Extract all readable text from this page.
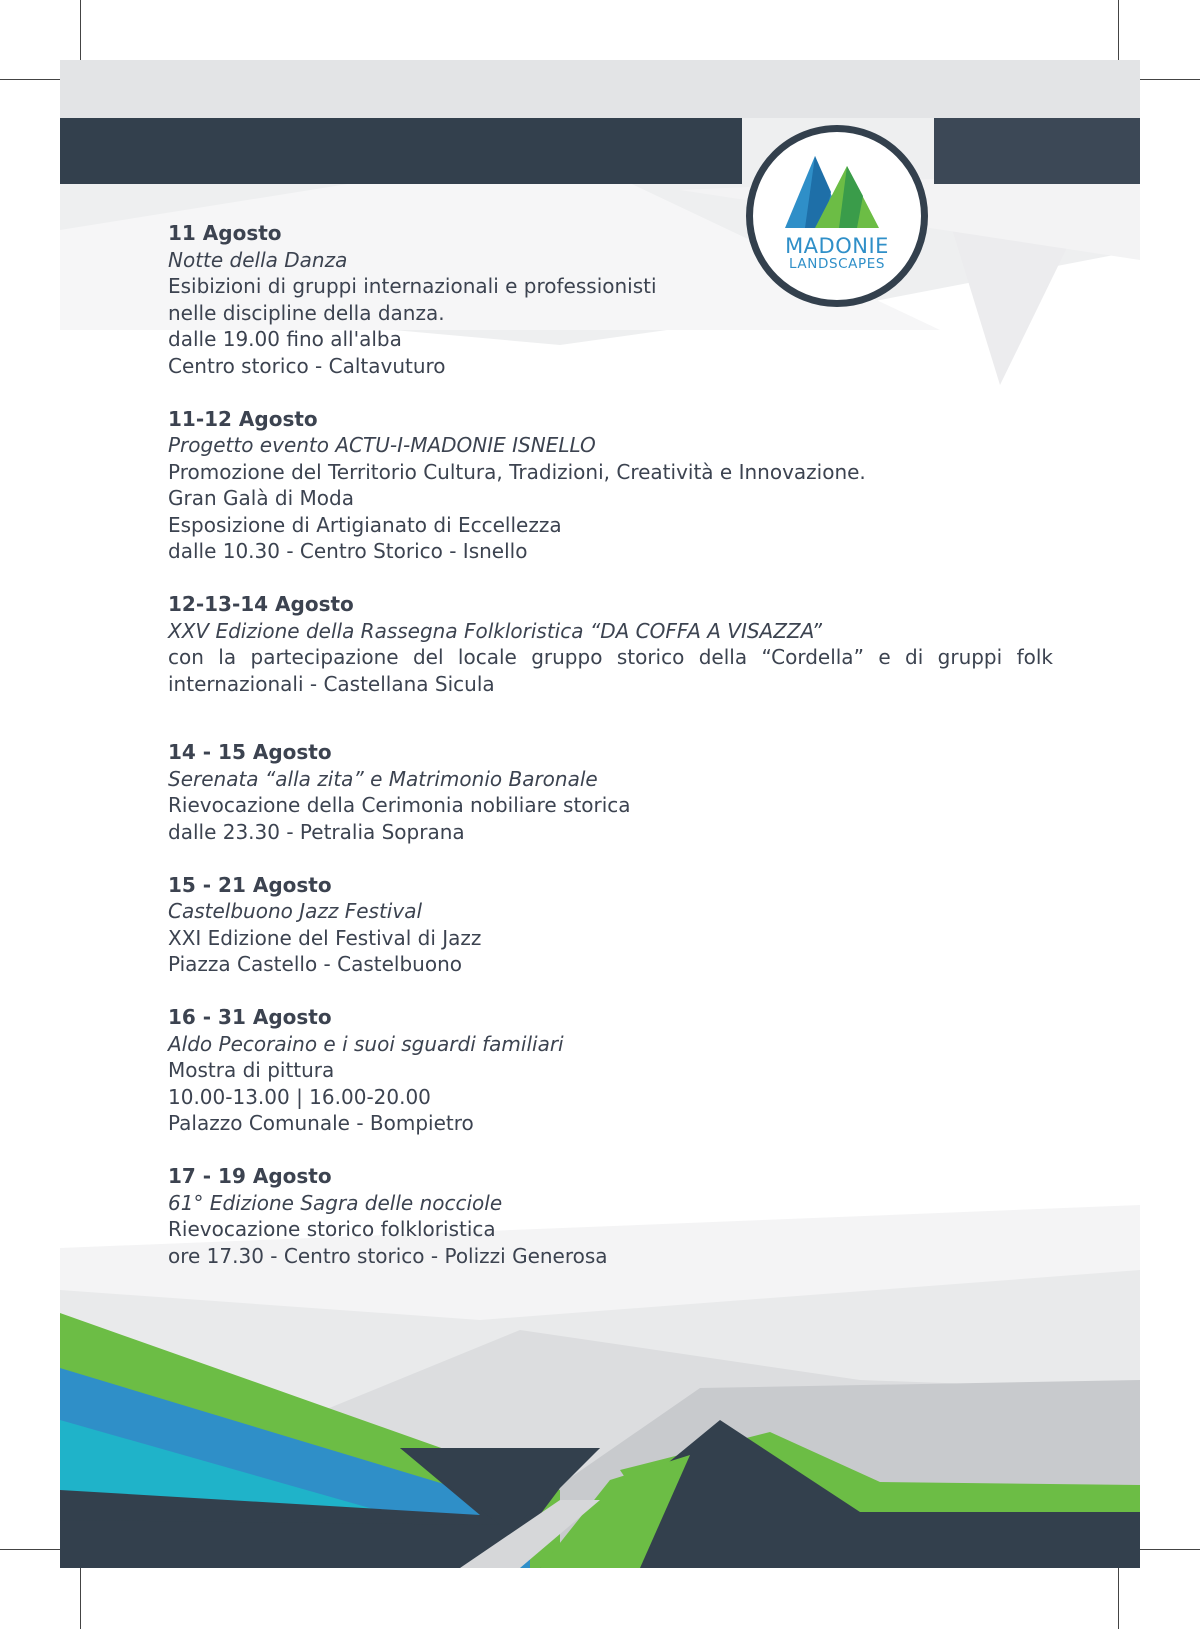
MADONIE
LANDSCAPES
11 Agosto
Notte della Danza
Esibizioni di gruppi internazionali e professionisti
nelle discipline della danza.
dalle 19.00 fino all'alba
Centro storico - Caltavuturo
11-12 Agosto
Progetto evento ACTU-I-MADONIE ISNELLO
Promozione del Territorio Cultura, Tradizioni, Creatività e Innovazione.
Gran Galà di Moda
Esposizione di Artigianato di Eccellezza
dalle 10.30 - Centro Storico - Isnello
12-13-14 Agosto
XXV Edizione della Rassegna Folkloristica “DA COFFA A VISAZZA”
con la partecipazione del locale gruppo storico della “Cordella” e di gruppi folk internazionali - Castellana Sicula
14 - 15 Agosto
Serenata “alla zita” e Matrimonio Baronale
Rievocazione della Cerimonia nobiliare storica
dalle 23.30 - Petralia Soprana
15 - 21 Agosto
Castelbuono Jazz Festival
XXI Edizione del Festival di Jazz
Piazza Castello - Castelbuono
16 - 31 Agosto
Aldo Pecoraino e i suoi sguardi familiari
Mostra di pittura
10.00-13.00 | 16.00-20.00
Palazzo Comunale - Bompietro
17 - 19 Agosto
61° Edizione Sagra delle nocciole
Rievocazione storico folkloristica
ore 17.30 - Centro storico - Polizzi Generosa
